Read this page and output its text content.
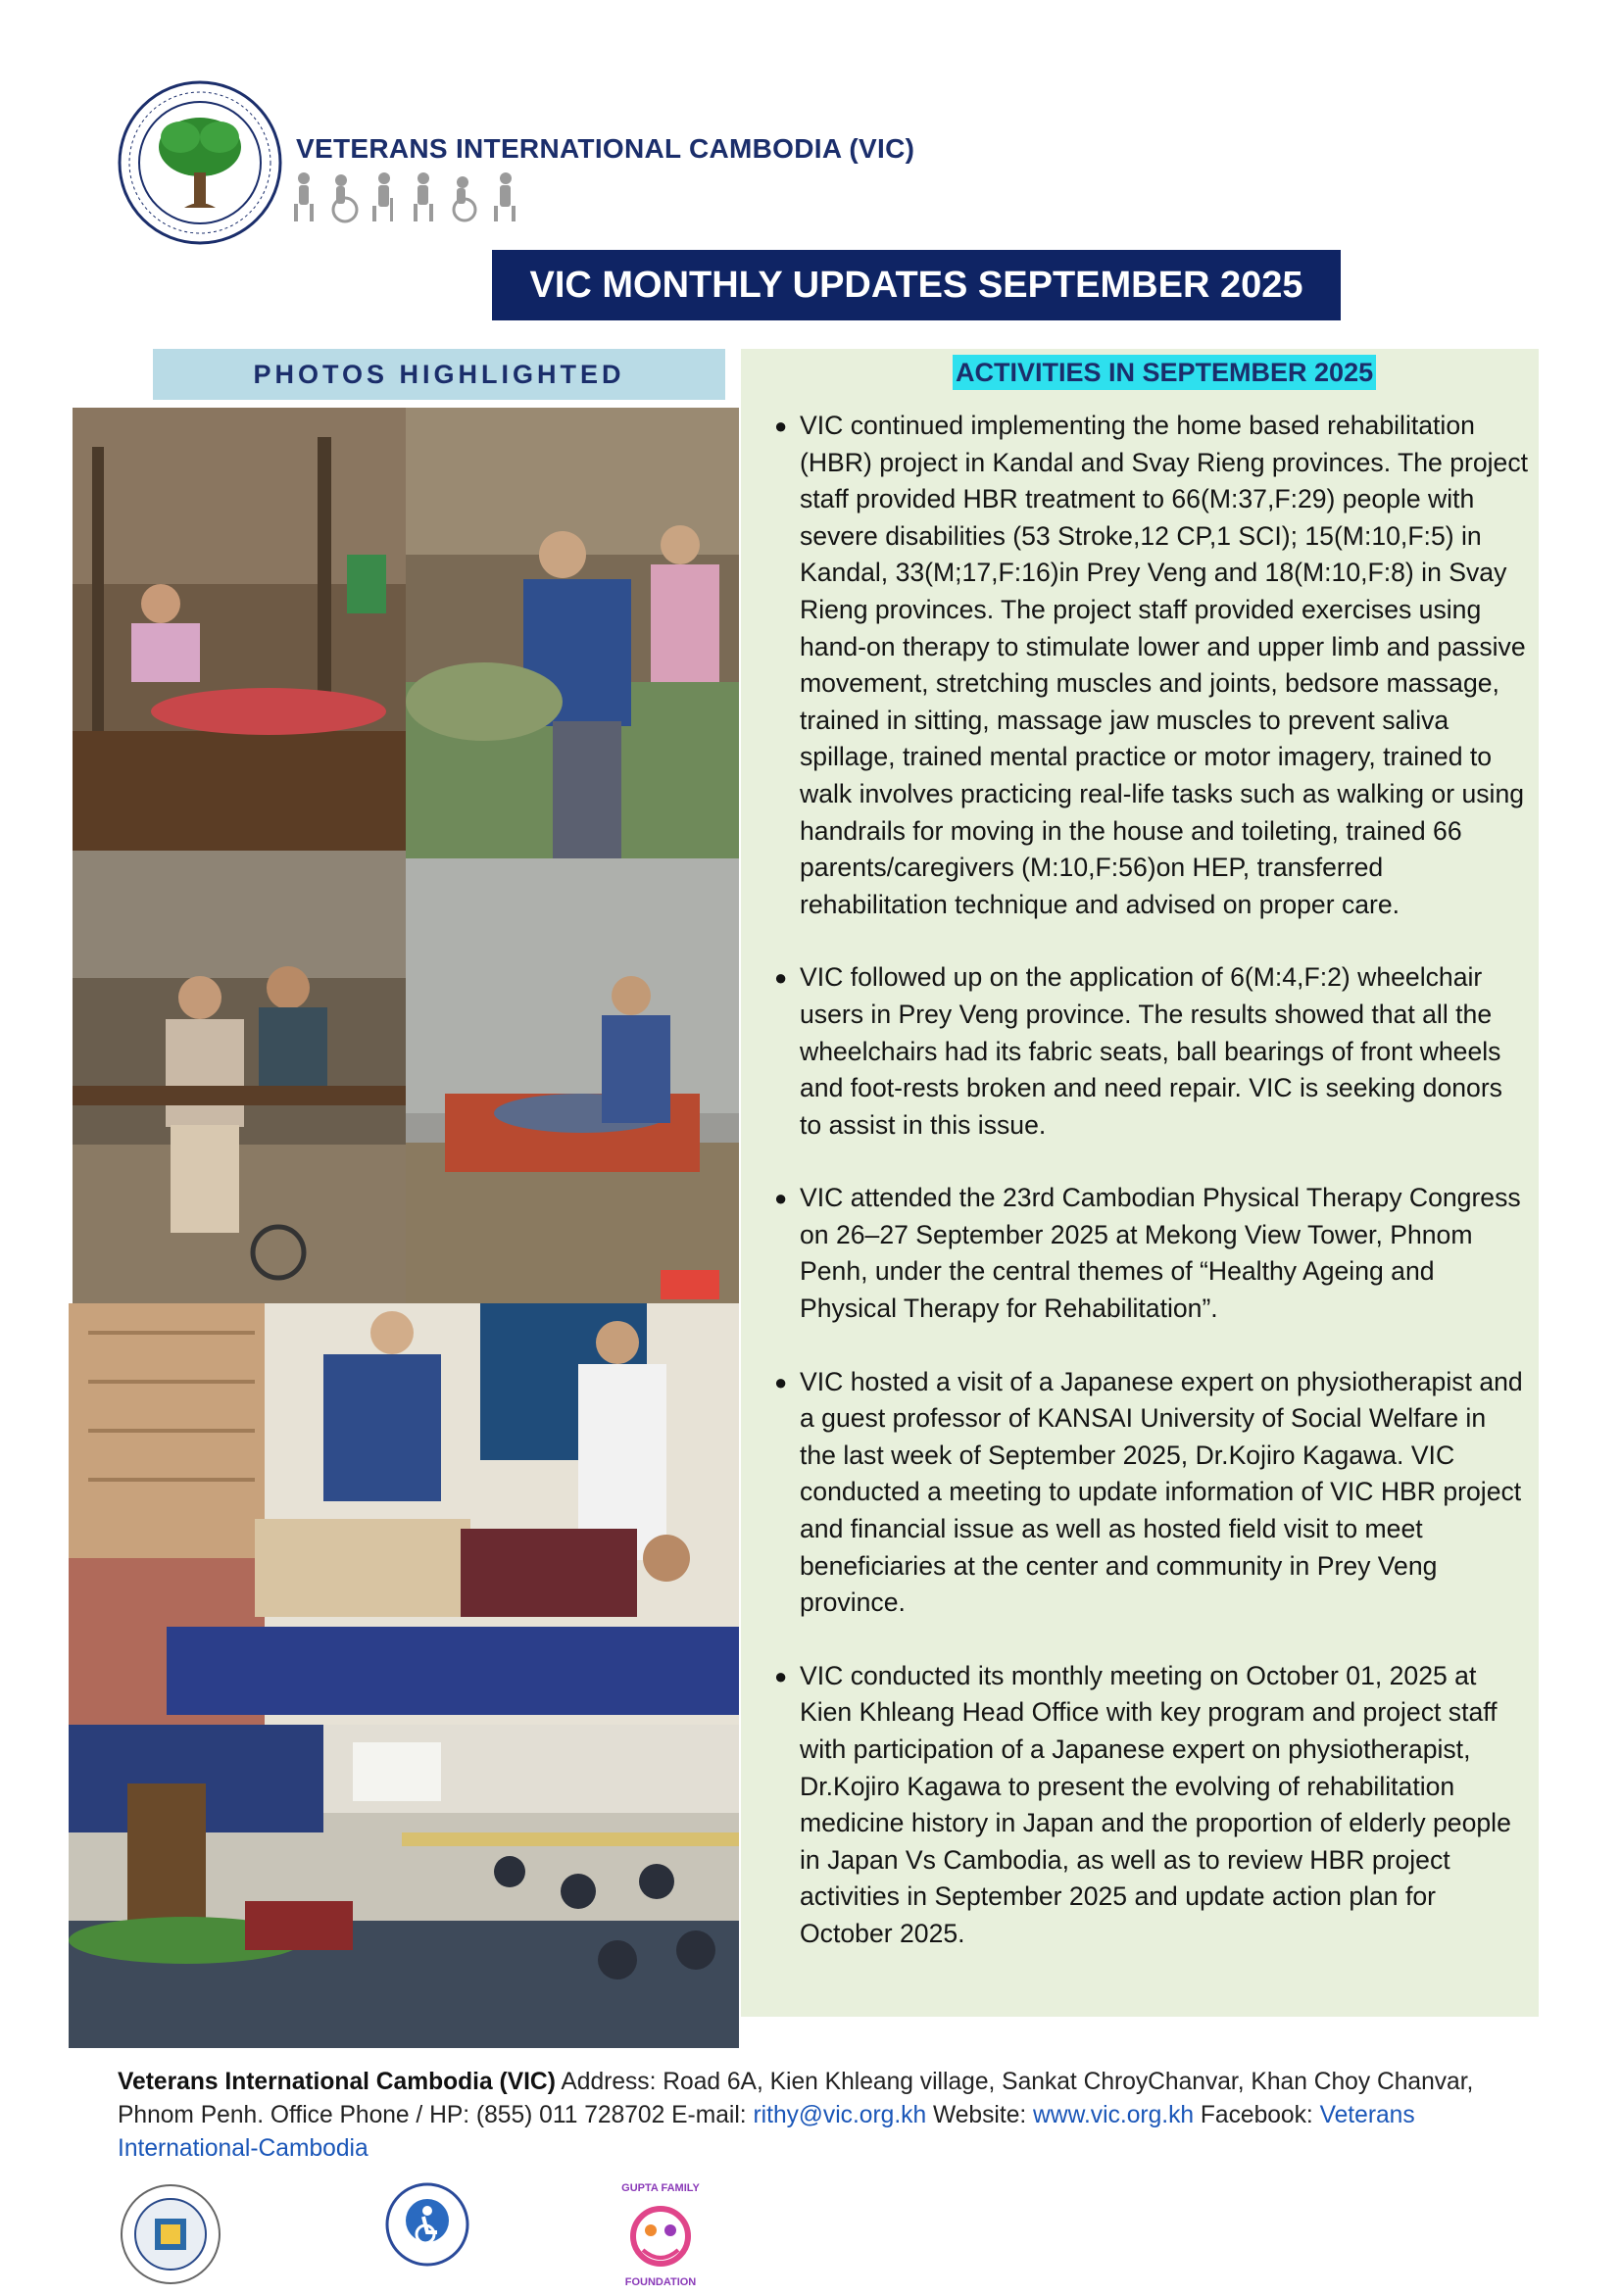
VETERANS INTERNATIONAL CAMBODIA (VIC)
VIC MONTHLY UPDATES SEPTEMBER 2025
PHOTOS HIGHLIGHTED	ACTIVITIES IN SEPTEMBER 2025
● VIC continued implementing the home based rehabilitation (HBR) project in Kandal and Svay Rieng provinces. The project staff provided HBR treatment to 66(M:37,F:29) people with severe disabilities (53 Stroke,12 CP,1 SCI); 15(M:10,F:5) in Kandal, 33(M;17,F:16)in Prey Veng and 18(M:10,F:8) in Svay Rieng provinces. The project staff provided exercises using hand-on therapy to stimulate lower and upper limb and passive movement, stretching muscles and joints, bedsore massage, trained in sitting, massage jaw muscles to prevent saliva spillage, trained mental practice or motor imagery, trained to walk involves practicing real-life tasks such as walking or using handrails for moving in the house and toileting, trained 66 parents/caregivers (M:10,F:56)on HEP, transferred rehabilitation technique and advised on proper care.
● VIC followed up on the application of 6(M:4,F:2) wheelchair users in Prey Veng province. The results showed that all the wheelchairs had its fabric seats, ball bearings of front wheels and foot-rests broken and need repair. VIC is seeking donors to assist in this issue.
● VIC attended the 23rd Cambodian Physical Therapy Congress on 26–27 September 2025 at Mekong View Tower, Phnom Penh, under the central themes of “Healthy Ageing and Physical Therapy for Rehabilitation”.
● VIC hosted a visit of a Japanese expert on physiotherapist and a guest professor of KANSAI University of Social Welfare in the last week of September 2025, Dr.Kojiro Kagawa. VIC conducted a meeting to update information of VIC HBR project and financial issue as well as hosted field visit to meet beneficiaries at the center and community in Prey Veng province.
● VIC conducted its monthly meeting on October 01, 2025 at Kien Khleang Head Office with key program and project staff with participation of a Japanese expert on physiotherapist, Dr.Kojiro Kagawa to present the evolving of rehabilitation medicine history in Japan and the proportion of elderly people in Japan Vs Cambodia, as well as to review HBR project activities in September 2025 and update action plan for October 2025.
Veterans International Cambodia (VIC) Address: Road 6A, Kien Khleang village, Sankat ChroyChanvar, Khan Choy Chanvar, Phnom Penh. Office Phone / HP: (855) 011 728702 E-mail: rithy@vic.org.kh Website: www.vic.org.kh Facebook: Veterans International-Cambodia
GUPTA FAMILY
FOUNDATION
